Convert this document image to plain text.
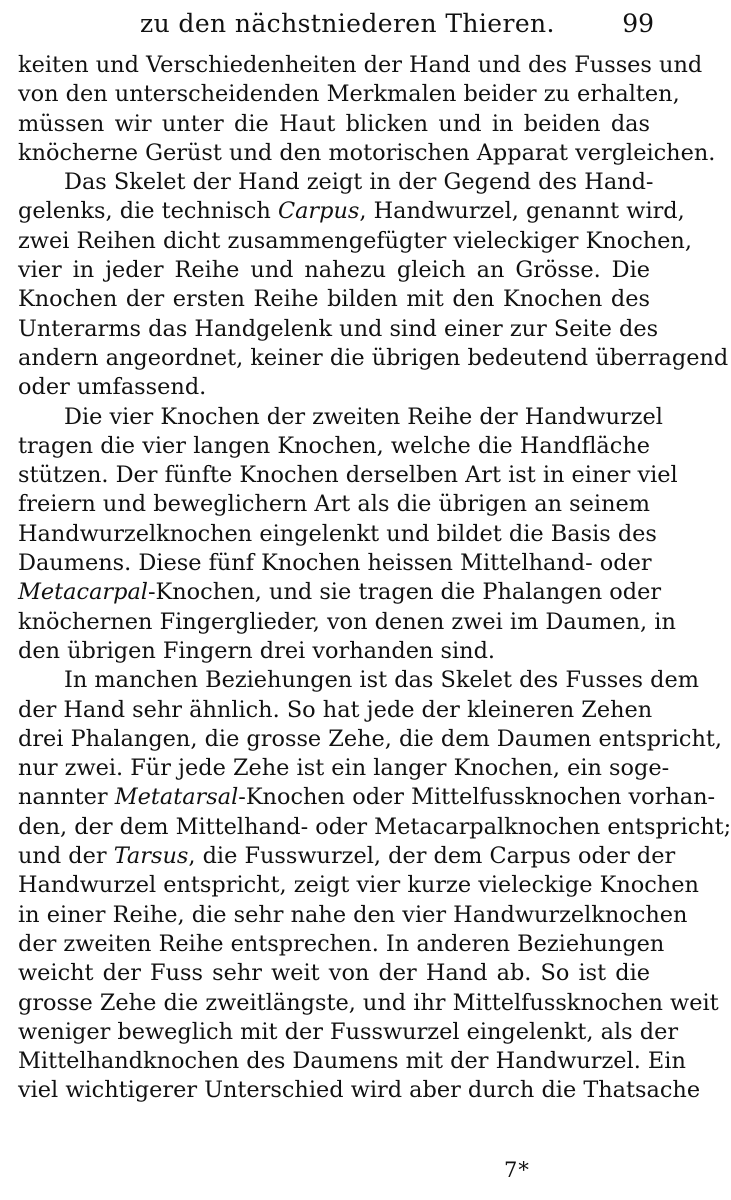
zu den nächstniederen Thieren.	99
keiten und Verschiedenheiten der Hand und des Fusses und
von den unterscheidenden Merkmalen beider zu erhalten,
müssen wir unter die Haut blicken und in beiden das
knöcherne Gerüst und den motorischen Apparat vergleichen.
Das Skelet der Hand zeigt in der Gegend des Hand-
gelenks, die technisch Carpus, Handwurzel, genannt wird,
zwei Reihen dicht zusammengefügter vieleckiger Knochen,
vier in jeder Reihe und nahezu gleich an Grösse. Die
Knochen der ersten Reihe bilden mit den Knochen des
Unterarms das Handgelenk und sind einer zur Seite des
andern angeordnet, keiner die übrigen bedeutend überragend
oder umfassend.
Die vier Knochen der zweiten Reihe der Handwurzel
tragen die vier langen Knochen, welche die Handfläche
stützen. Der fünfte Knochen derselben Art ist in einer viel
freiern und beweglichern Art als die übrigen an seinem
Handwurzelknochen eingelenkt und bildet die Basis des
Daumens. Diese fünf Knochen heissen Mittelhand- oder
Metacarpal-Knochen, und sie tragen die Phalangen oder
knöchernen Fingerglieder, von denen zwei im Daumen, in
den übrigen Fingern drei vorhanden sind.
In manchen Beziehungen ist das Skelet des Fusses dem
der Hand sehr ähnlich. So hat jede der kleineren Zehen
drei Phalangen, die grosse Zehe, die dem Daumen entspricht,
nur zwei. Für jede Zehe ist ein langer Knochen, ein soge-
nannter Metatarsal-Knochen oder Mittelfussknochen vorhan-
den, der dem Mittelhand- oder Metacarpalknochen entspricht;
und der Tarsus, die Fusswurzel, der dem Carpus oder der
Handwurzel entspricht, zeigt vier kurze vieleckige Knochen
in einer Reihe, die sehr nahe den vier Handwurzelknochen
der zweiten Reihe entsprechen. In anderen Beziehungen
weicht der Fuss sehr weit von der Hand ab. So ist die
grosse Zehe die zweitlängste, und ihr Mittelfussknochen weit
weniger beweglich mit der Fusswurzel eingelenkt, als der
Mittelhandknochen des Daumens mit der Handwurzel. Ein
viel wichtigerer Unterschied wird aber durch die Thatsache
7*
